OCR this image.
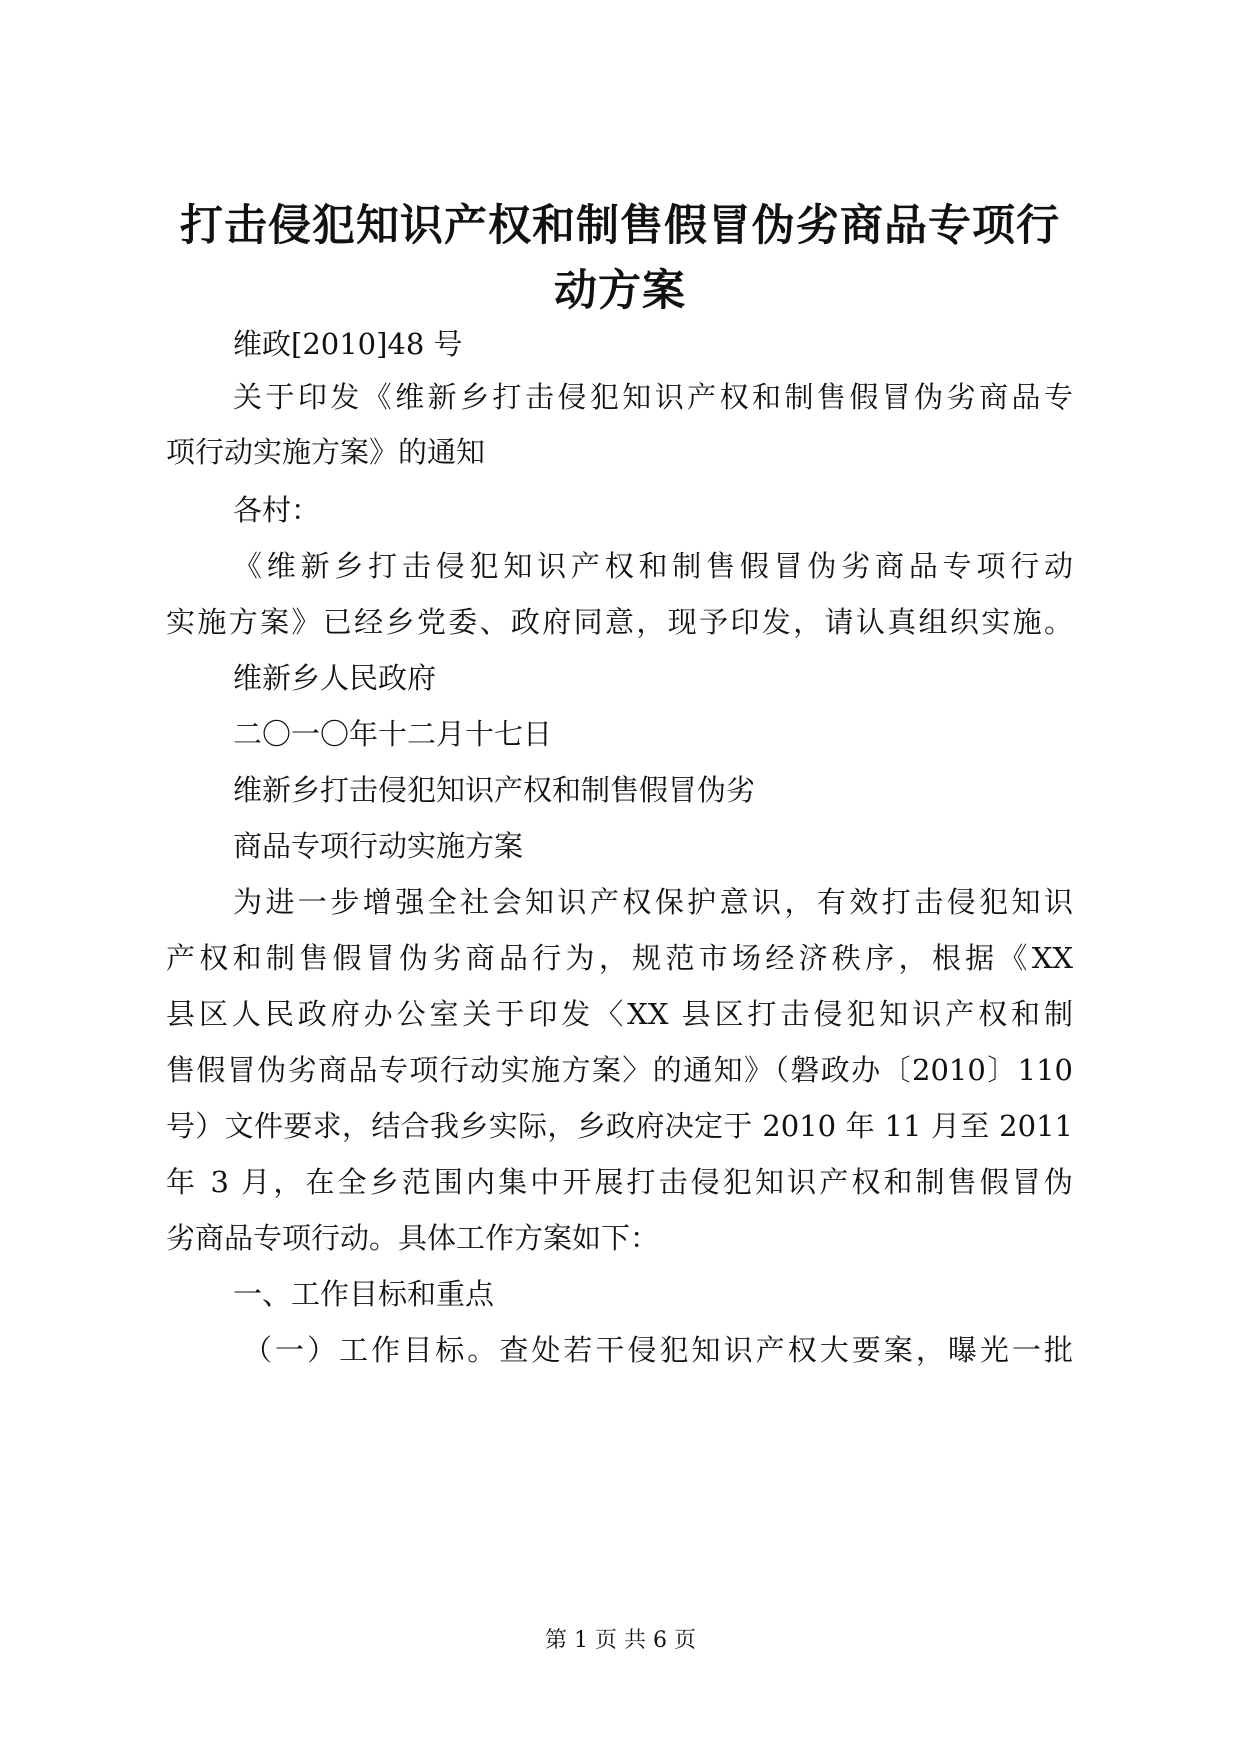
打击侵犯知识产权和制售假冒伪劣商品专项行
动方案

维政[2010]48 号

关于印发《维新乡打击侵犯知识产权和制售假冒伪劣商品专

项行动实施方案》的通知

各村：

《维新乡打击侵犯知识产权和制售假冒伪劣商品专项行动

实施方案》已经乡党委、政府同意，现予印发，请认真组织实施。

维新乡人民政府

二〇一〇年十二月十七日

维新乡打击侵犯知识产权和制售假冒伪劣

商品专项行动实施方案

为进一步增强全社会知识产权保护意识，有效打击侵犯知识

产权和制售假冒伪劣商品行为，规范市场经济秩序，根据《XX

县区人民政府办公室关于印发〈XX 县区打击侵犯知识产权和制

售假冒伪劣商品专项行动实施方案〉的通知》（磐政办〔2010〕110

号）文件要求，结合我乡实际，乡政府决定于 2010 年 11 月至 2011

年 3 月，在全乡范围内集中开展打击侵犯知识产权和制售假冒伪

劣商品专项行动。具体工作方案如下：

一、工作目标和重点

（一）工作目标。查处若干侵犯知识产权大要案，曝光一批

第 1 页 共 6 页
